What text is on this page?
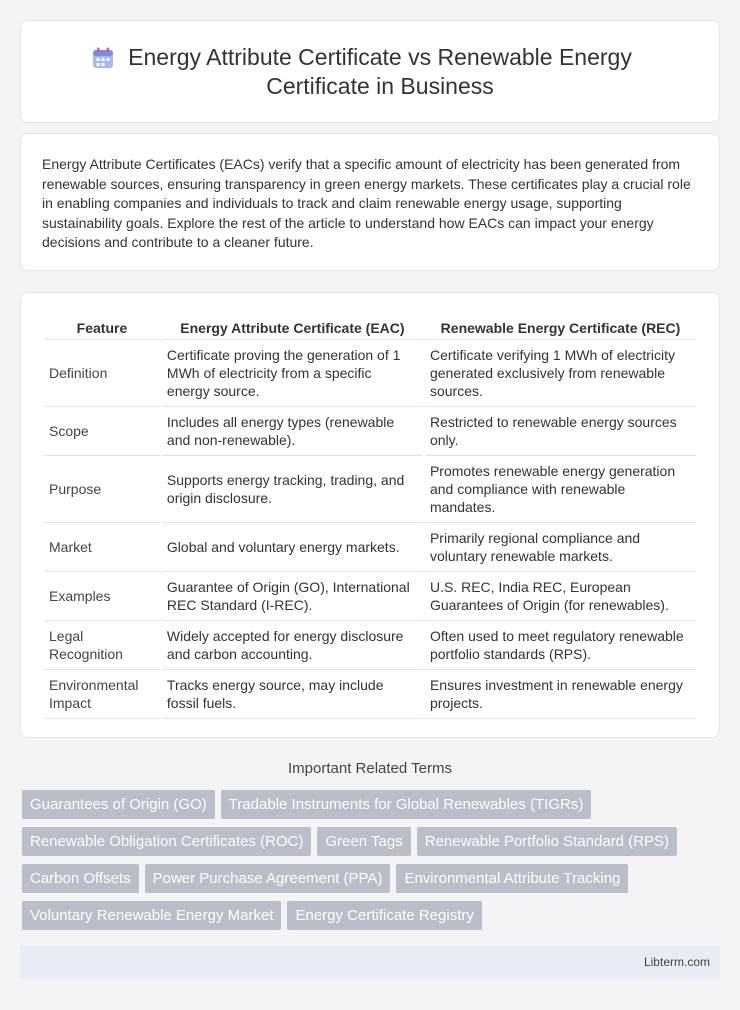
Energy Attribute Certificate vs Renewable Energy Certificate in Business

Energy Attribute Certificates (EACs) verify that a specific amount of electricity has been generated from renewable sources, ensuring transparency in green energy markets. These certificates play a crucial role in enabling companies and individuals to track and claim renewable energy usage, supporting sustainability goals. Explore the rest of the article to understand how EACs can impact your energy decisions and contribute to a cleaner future.

Feature	Energy Attribute Certificate (EAC)	Renewable Energy Certificate (REC)
Definition	Certificate proving the generation of 1 MWh of electricity from a specific energy source.	Certificate verifying 1 MWh of electricity generated exclusively from renewable sources.
Scope	Includes all energy types (renewable and non-renewable).	Restricted to renewable energy sources only.
Purpose	Supports energy tracking, trading, and origin disclosure.	Promotes renewable energy generation and compliance with renewable mandates.
Market	Global and voluntary energy markets.	Primarily regional compliance and voluntary renewable markets.
Examples	Guarantee of Origin (GO), International REC Standard (I-REC).	U.S. REC, India REC, European Guarantees of Origin (for renewables).
Legal Recognition	Widely accepted for energy disclosure and carbon accounting.	Often used to meet regulatory renewable portfolio standards (RPS).
Environmental Impact	Tracks energy source, may include fossil fuels.	Ensures investment in renewable energy projects.
Important Related Terms
Guarantees of Origin (GO)	Tradable Instruments for Global Renewables (TIGRs)
Renewable Obligation Certificates (ROC)	Green Tags	Renewable Portfolio Standard (RPS)
Carbon Offsets	Power Purchase Agreement (PPA)	Environmental Attribute Tracking
Voluntary Renewable Energy Market	Energy Certificate Registry
Libterm.com
